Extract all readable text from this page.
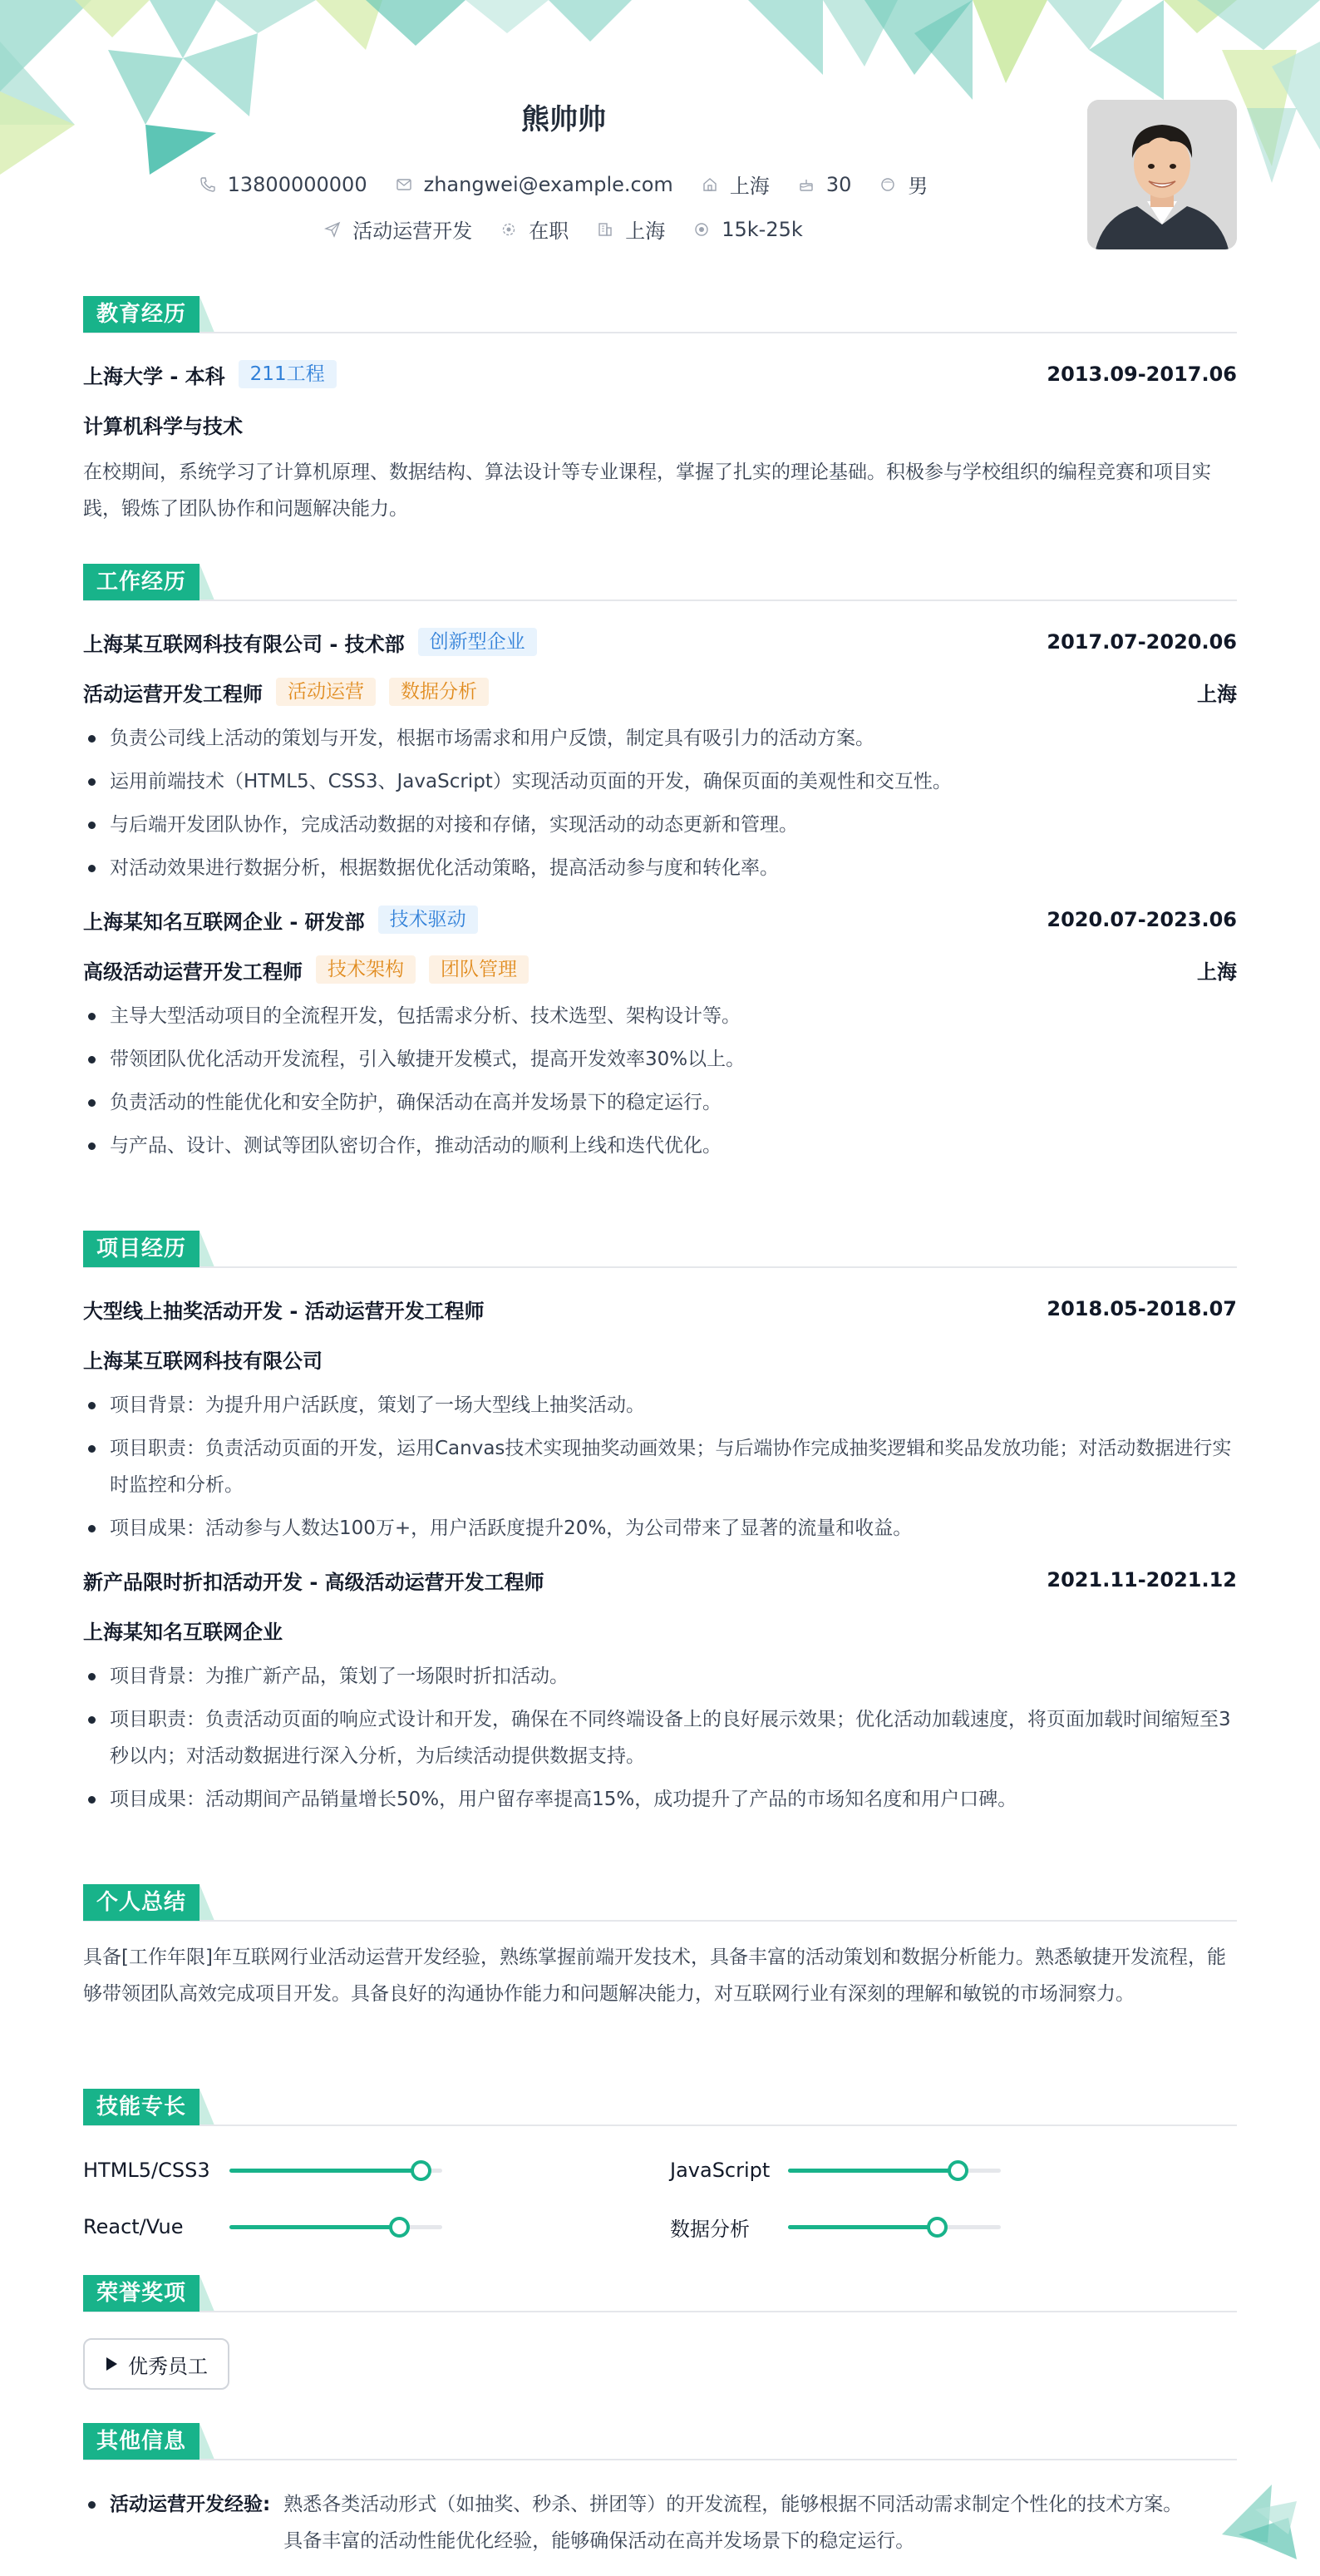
熊帅帅
13800000000	zhangwei@example.com	上海	30	男
活动运营开发	在职	上海	15k-25k
教育经历
上海大学 - 本科	211工程	2013.09-2017.06
计算机科学与技术

在校期间，系统学习了计算机原理、数据结构、算法设计等专业课程，掌握了扎实的理论基础。积极参与学校组织的编程竞赛和项目实践，锻炼了团队协作和问题解决能力。

工作经历
上海某互联网科技有限公司 - 技术部	创新型企业	2017.07-2020.06
活动运营开发工程师	活动运营	数据分析	上海
负责公司线上活动的策划与开发，根据市场需求和用户反馈，制定具有吸引力的活动方案。
运用前端技术（HTML5、CSS3、JavaScript）实现活动页面的开发，确保页面的美观性和交互性。
与后端开发团队协作，完成活动数据的对接和存储，实现活动的动态更新和管理。
对活动效果进行数据分析，根据数据优化活动策略，提高活动参与度和转化率。
上海某知名互联网企业 - 研发部	技术驱动	2020.07-2023.06
高级活动运营开发工程师	技术架构	团队管理	上海
主导大型活动项目的全流程开发，包括需求分析、技术选型、架构设计等。
带领团队优化活动开发流程，引入敏捷开发模式，提高开发效率30%以上。
负责活动的性能优化和安全防护，确保活动在高并发场景下的稳定运行。
与产品、设计、测试等团队密切合作，推动活动的顺利上线和迭代优化。
项目经历
大型线上抽奖活动开发 - 活动运营开发工程师	2018.05-2018.07
上海某互联网科技有限公司
项目背景：为提升用户活跃度，策划了一场大型线上抽奖活动。
项目职责：负责活动页面的开发，运用Canvas技术实现抽奖动画效果；与后端协作完成抽奖逻辑和奖品发放功能；对活动数据进行实时监控和分析。
项目成果：活动参与人数达100万+，用户活跃度提升20%，为公司带来了显著的流量和收益。
新产品限时折扣活动开发 - 高级活动运营开发工程师	2021.11-2021.12
上海某知名互联网企业
项目背景：为推广新产品，策划了一场限时折扣活动。
项目职责：负责活动页面的响应式设计和开发，确保在不同终端设备上的良好展示效果；优化活动加载速度，将页面加载时间缩短至3秒以内；对活动数据进行深入分析，为后续活动提供数据支持。
项目成果：活动期间产品销量增长50%，用户留存率提高15%，成功提升了产品的市场知名度和用户口碑。
个人总结

具备[工作年限]年互联网行业活动运营开发经验，熟练掌握前端开发技术，具备丰富的活动策划和数据分析能力。熟悉敏捷开发流程，能够带领团队高效完成项目开发。具备良好的沟通协作能力和问题解决能力，对互联网行业有深刻的理解和敏锐的市场洞察力。

技能专长
HTML5/CSS3	JavaScript
React/Vue	数据分析
荣誉奖项
优秀员工
其他信息
活动运营开发经验: 熟悉各类活动形式（如抽奖、秒杀、拼团等）的开发流程，能够根据不同活动需求制定个性化的技术方案。
具备丰富的活动性能优化经验，能够确保活动在高并发场景下的稳定运行。
